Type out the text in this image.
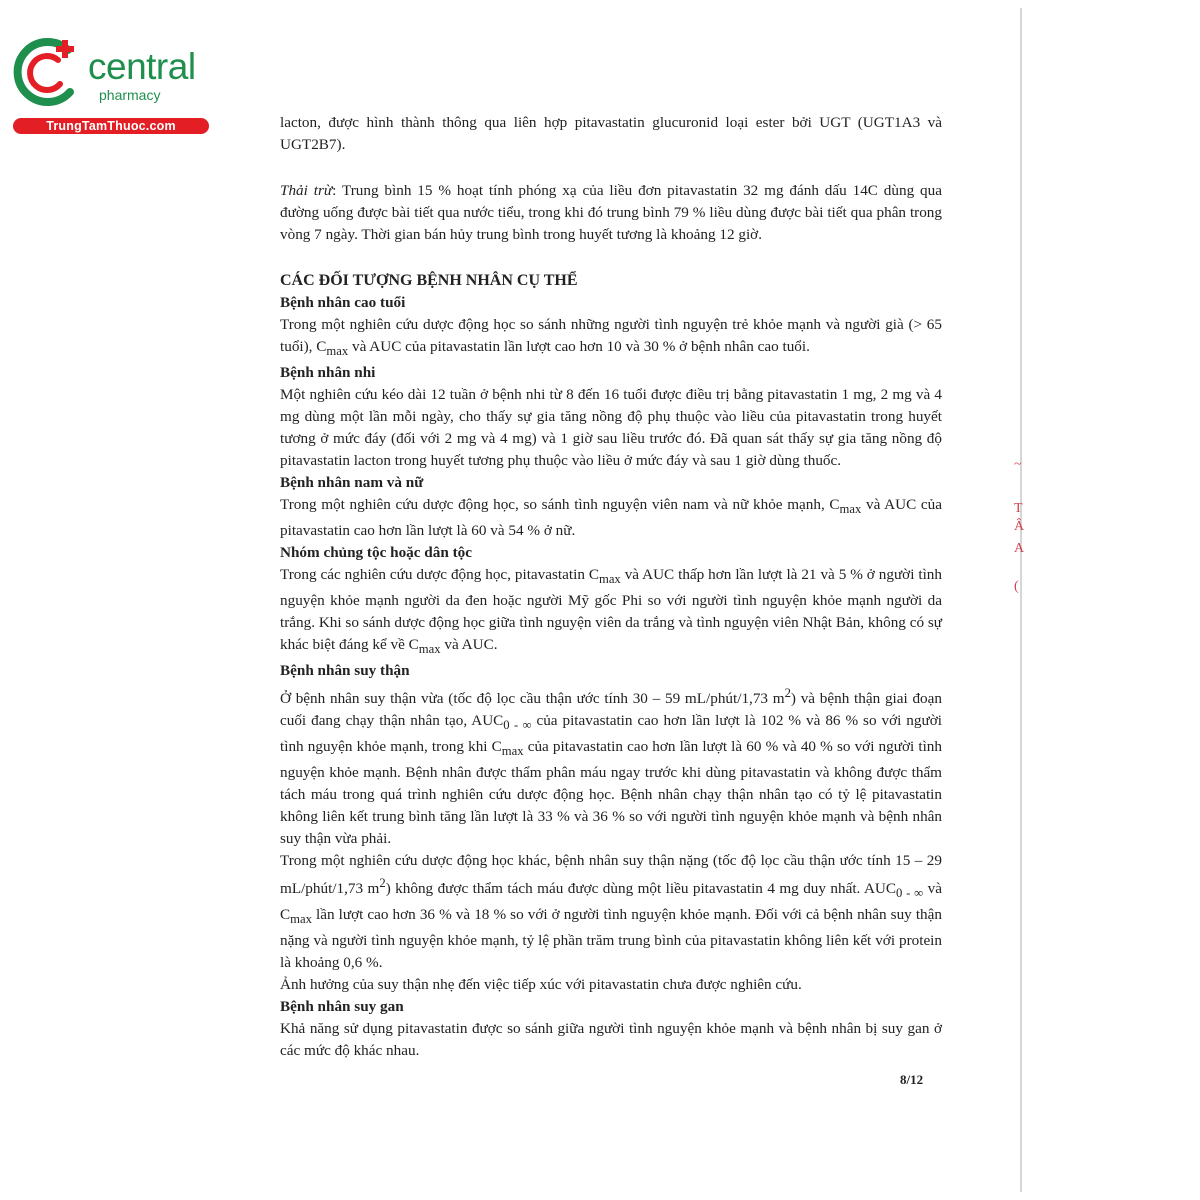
central
pharmacy
TrungTamThuoc.com
~
T
Â
A
(

lacton, được hình thành thông qua liên hợp pitavastatin glucuronid loại ester bởi UGT (UGT1A3 và UGT2B7).

Thải trừ: Trung bình 15 % hoạt tính phóng xạ của liều đơn pitavastatin 32 mg đánh dấu 14C dùng qua đường uống được bài tiết qua nước tiểu, trong khi đó trung bình 79 % liều dùng được bài tiết qua phân trong vòng 7 ngày. Thời gian bán hủy trung bình trong huyết tương là khoảng 12 giờ.

CÁC ĐỐI TƯỢNG BỆNH NHÂN CỤ THỂ

Bệnh nhân cao tuổi

Trong một nghiên cứu dược động học so sánh những người tình nguyện trẻ khỏe mạnh và người già (> 65 tuổi), $C_{max}$ và AUC của pitavastatin lần lượt cao hơn 10 và 30 % ở bệnh nhân cao tuổi.

Bệnh nhân nhi

Một nghiên cứu kéo dài 12 tuần ở bệnh nhi từ 8 đến 16 tuổi được điều trị bằng pitavastatin 1 mg, 2 mg và 4 mg dùng một lần mỗi ngày, cho thấy sự gia tăng nồng độ phụ thuộc vào liều của pitavastatin trong huyết tương ở mức đáy (đối với 2 mg và 4 mg) và 1 giờ sau liều trước đó. Đã quan sát thấy sự gia tăng nồng độ pitavastatin lacton trong huyết tương phụ thuộc vào liều ở mức đáy và sau 1 giờ dùng thuốc.

Bệnh nhân nam và nữ

Trong một nghiên cứu dược động học, so sánh tình nguyện viên nam và nữ khỏe mạnh, $C_{max}$ và AUC của pitavastatin cao hơn lần lượt là 60 và 54 % ở nữ.

Nhóm chủng tộc hoặc dân tộc

Trong các nghiên cứu dược động học, pitavastatin $C_{max}$ và AUC thấp hơn lần lượt là 21 và 5 % ở người tình nguyện khỏe mạnh người da đen hoặc người Mỹ gốc Phi so với người tình nguyện khỏe mạnh người da trắng. Khi so sánh dược động học giữa tình nguyện viên da trắng và tình nguyện viên Nhật Bản, không có sự khác biệt đáng kể về $C_{max}$ và AUC.

Bệnh nhân suy thận

Ở bệnh nhân suy thận vừa (tốc độ lọc cầu thận ước tính 30 – 59 mL/phút/1,73 $m^2$) và bệnh thận giai đoạn cuối đang chạy thận nhân tạo, $AUC_{0 - \infty}$ của pitavastatin cao hơn lần lượt là 102 % và 86 % so với người tình nguyện khỏe mạnh, trong khi $C_{max}$ của pitavastatin cao hơn lần lượt là 60 % và 40 % so với người tình nguyện khỏe mạnh. Bệnh nhân được thẩm phân máu ngay trước khi dùng pitavastatin và không được thẩm tách máu trong quá trình nghiên cứu dược động học. Bệnh nhân chạy thận nhân tạo có tỷ lệ pitavastatin không liên kết trung bình tăng lần lượt là 33 % và 36 % so với người tình nguyện khỏe mạnh và bệnh nhân suy thận vừa phải.

Trong một nghiên cứu dược động học khác, bệnh nhân suy thận nặng (tốc độ lọc cầu thận ước tính 15 – 29 mL/phút/1,73 $m^2$) không được thẩm tách máu được dùng một liều pitavastatin 4 mg duy nhất. $AUC_{0 - \infty}$ và $C_{max}$ lần lượt cao hơn 36 % và 18 % so với ở người tình nguyện khỏe mạnh. Đối với cả bệnh nhân suy thận nặng và người tình nguyện khỏe mạnh, tỷ lệ phần trăm trung bình của pitavastatin không liên kết với protein là khoảng 0,6 %.

Ảnh hưởng của suy thận nhẹ đến việc tiếp xúc với pitavastatin chưa được nghiên cứu.

Bệnh nhân suy gan

Khả năng sử dụng pitavastatin được so sánh giữa người tình nguyện khỏe mạnh và bệnh nhân bị suy gan ở các mức độ khác nhau.

8/12
